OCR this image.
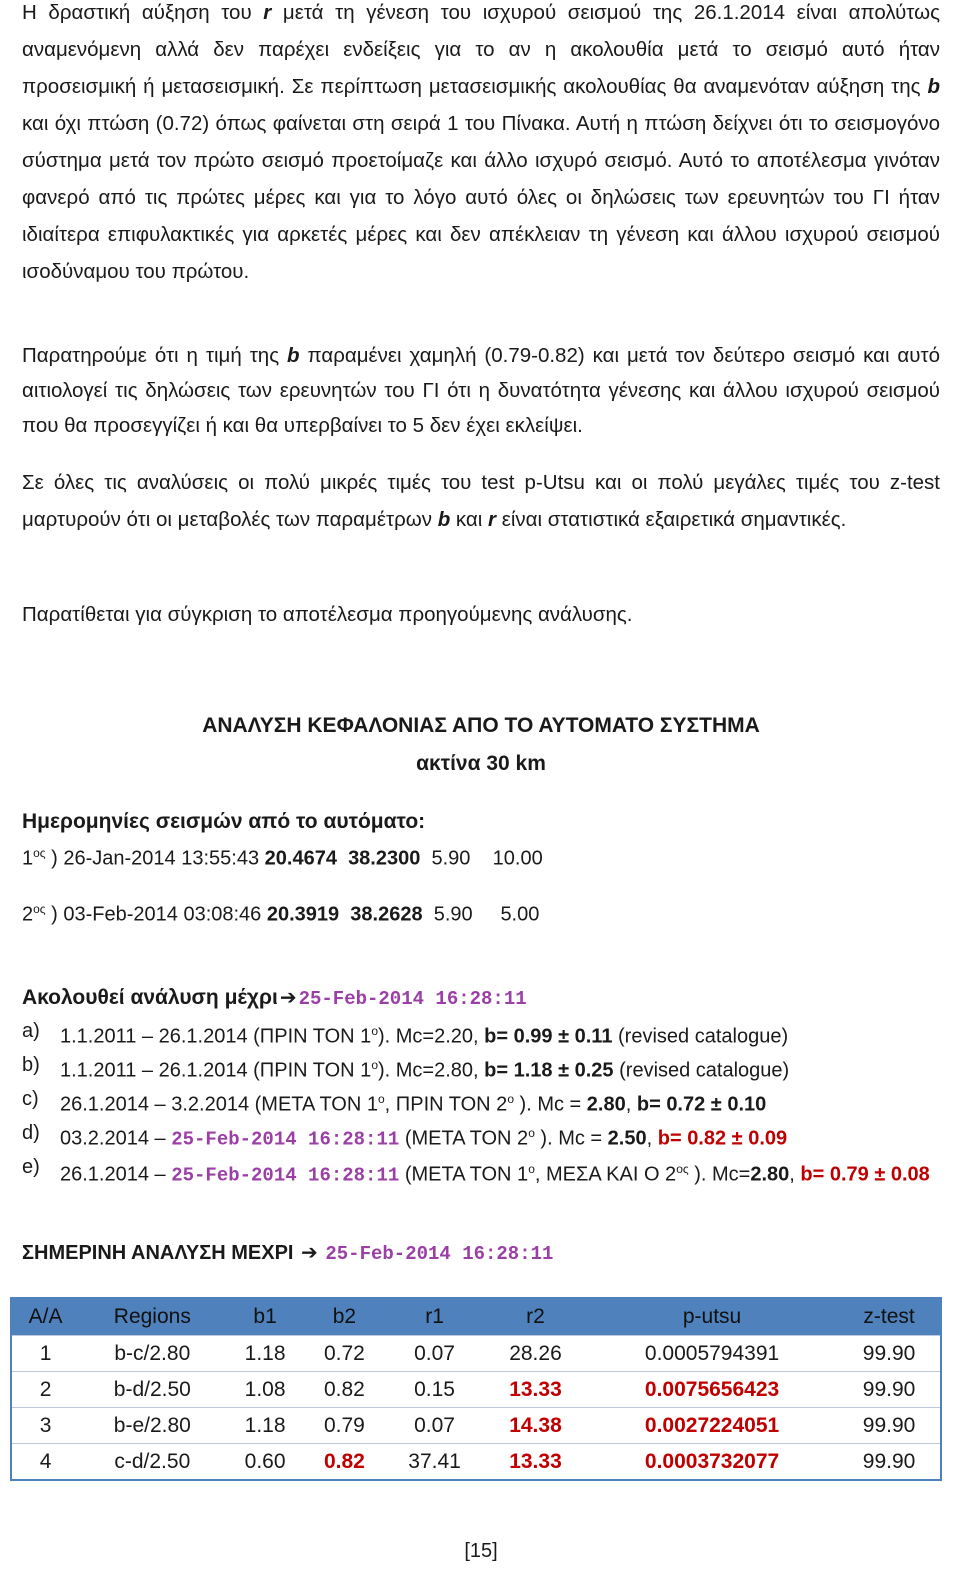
Η δραστική αύξηση του r μετά τη γένεση του ισχυρού σεισμού της 26.1.2014 είναι απολύτως αναμενόμενη αλλά δεν παρέχει ενδείξεις για το αν η ακολουθία μετά το σεισμό αυτό ήταν προσεισμική ή μετασεισμική. Σε περίπτωση μετασεισμικής ακολουθίας θα αναμενόταν αύξηση της b και όχι πτώση (0.72) όπως φαίνεται στη σειρά 1 του Πίνακα. Αυτή η πτώση δείχνει ότι το σεισμογόνο σύστημα μετά τον πρώτο σεισμό προετοίμαζε και άλλο ισχυρό σεισμό. Αυτό το αποτέλεσμα γινόταν φανερό από τις πρώτες μέρες και για το λόγο αυτό όλες οι δηλώσεις των ερευνητών του ΓΙ ήταν ιδιαίτερα επιφυλακτικές για αρκετές μέρες και δεν απέκλειαν τη γένεση και άλλου ισχυρού σεισμού ισοδύναμου του πρώτου.

Παρατηρούμε ότι η τιμή της b παραμένει χαμηλή (0.79-0.82) και μετά τον δεύτερο σεισμό και αυτό αιτιολογεί τις δηλώσεις των ερευνητών του ΓΙ ότι η δυνατότητα γένεσης και άλλου ισχυρού σεισμού που θα προσεγγίζει ή και θα υπερβαίνει το 5 δεν έχει εκλείψει.

Σε όλες τις αναλύσεις οι πολύ μικρές τιμές του test p-Utsu και οι πολύ μεγάλες τιμές του z-test μαρτυρούν ότι οι μεταβολές των παραμέτρων b και r είναι στατιστικά εξαιρετικά σημαντικές.

Παρατίθεται για σύγκριση το αποτέλεσμα προηγούμενης ανάλυσης.

ΑΝΑΛΥΣΗ ΚΕΦΑΛΟΝΙΑΣ ΑΠΟ ΤΟ ΑΥΤΟΜΑΤΟ ΣΥΣΤΗΜΑ
ακτίνα 30 km
Ημερομηνίες σεισμών από το αυτόματο:
$1^{o\varsigma}$ ) 26-Jan-2014 13:55:43 20.4674 38.2300 5.90 10.00
$2^{o\varsigma}$ ) 03-Feb-2014 03:08:46 20.3919 38.2628 5.90 5.00
Ακολουθεί ανάλυση μέχρι ➔ 25-Feb-2014 16:28:11
a) 1.1.2011 – 26.1.2014 (ΠΡΙΝ ΤΟΝ $1^o$). Mc=2.20, b= 0.99 ± 0.11 (revised catalogue)
b) 1.1.2011 – 26.1.2014 (ΠΡΙΝ ΤΟΝ $1^o$). Mc=2.80, b= 1.18 ± 0.25 (revised catalogue)
c) 26.1.2014 – 3.2.2014 (ΜΕΤΑ ΤΟΝ $1^o$, ΠΡΙΝ ΤΟΝ $2^o$ ). Mc = 2.80, b= 0.72 ± 0.10
d) 03.2.2014 – 25-Feb-2014 16:28:11 (ΜΕΤΑ ΤΟΝ $2^o$ ). Mc = 2.50, b= 0.82 ± 0.09
e) 26.1.2014 – 25-Feb-2014 16:28:11 (ΜΕΤΑ ΤΟΝ $1^o$, ΜΕΣΑ ΚΑΙ Ο $2^{o\varsigma}$ ). Mc=2.80, b= 0.79 ± 0.08
ΣΗΜΕΡΙΝΗ ΑΝΑΛΥΣΗ ΜΕΧΡΙ ➔ 25-Feb-2014 16:28:11
A/A	Regions	b1	b2	r1	r2	p-utsu	z-test
1	b-c/2.80	1.18	0.72	0.07	28.26	0.0005794391	99.90
2	b-d/2.50	1.08	0.82	0.15	13.33	0.0075656423	99.90
3	b-e/2.80	1.18	0.79	0.07	14.38	0.0027224051	99.90
4	c-d/2.50	0.60	0.82	37.41	13.33	0.0003732077	99.90
[15]
